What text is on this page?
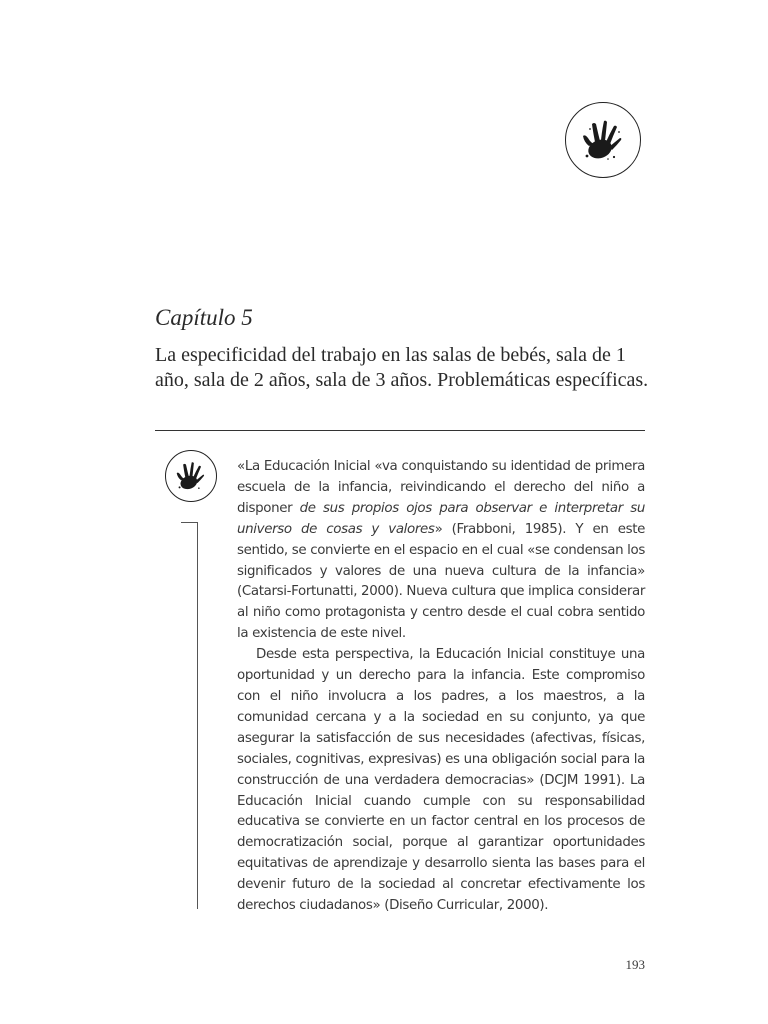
Capítulo 5
La especificidad del trabajo en las salas de bebés, sala de 1 año, sala de 2 años, sala de 3 años. Problemáticas específicas.

«La Educación Inicial «va conquistando su identidad de primera escuela de la infancia, reivindicando el derecho del niño a disponer de sus propios ojos para observar e interpretar su universo de cosas y valores» (Frabboni, 1985). Y en este sentido, se convierte en el espacio en el cual «se condensan los significados y valores de una nueva cultura de la infancia» (Catarsi-Fortunatti, 2000). Nueva cultura que implica considerar al niño como protagonista y centro desde el cual cobra sentido la existencia de este nivel.

Desde esta perspectiva, la Educación Inicial constituye una oportunidad y un derecho para la infancia. Este compromiso con el niño involucra a los padres, a los maestros, a la comunidad cercana y a la sociedad en su conjunto, ya que asegurar la satisfacción de sus necesidades (afectivas, físicas, sociales, cognitivas, expresivas) es una obligación social para la construcción de una verdadera democracias» (DCJM 1991). La Educación Inicial cuando cumple con su responsabilidad educativa se convierte en un factor central en los procesos de democratización social, porque al garantizar oportunidades equitativas de aprendizaje y desarrollo sienta las bases para el devenir futuro de la sociedad al concretar efectivamente los derechos ciudadanos» (Diseño Curricular, 2000).

193
